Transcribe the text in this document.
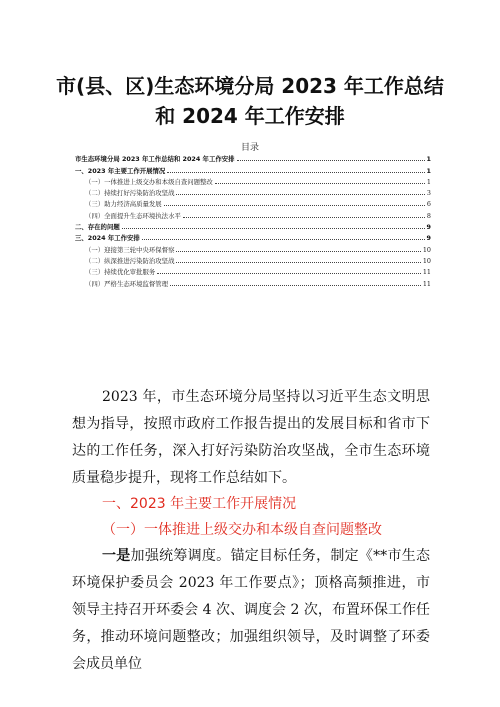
市(县、区)生态环境分局 2023 年工作总结
和 2024 年工作安排
目录
市生态环境分局 2023 年工作总结和 2024 年工作安排	1
一、2023 年主要工作开展情况	1
（一）一体推进上级交办和本级自查问题整改	1
（二）持续打好污染防治攻坚战	3
（三）助力经济高质量发展	6
（四）全面提升生态环境执法水平	8
二、存在的问题	9
三、2024 年工作安排	9
（一）迎接第三轮中央环保督察	10
（二）纵深推进污染防治攻坚战	10
（三）持续优化审批服务	11
（四）严格生态环境监督管理	11
2023 年，市生态环境分局坚持以习近平生态文明思想为指导，按照市政府工作报告提出的发展目标和省市下达的工作任务，深入打好污染防治攻坚战，全市生态环境质量稳步提升，现将工作总结如下。
一、2023 年主要工作开展情况
（一）一体推进上级交办和本级自查问题整改
一是加强统筹调度。锚定目标任务，制定《**市生态环境保护委员会 2023 年工作要点》；顶格高频推进，市领导主持召开环委会 4 次、调度会 2 次，布置环保工作任务，推动环境问题整改；加强组织领导，及时调整了环委会成员单位
